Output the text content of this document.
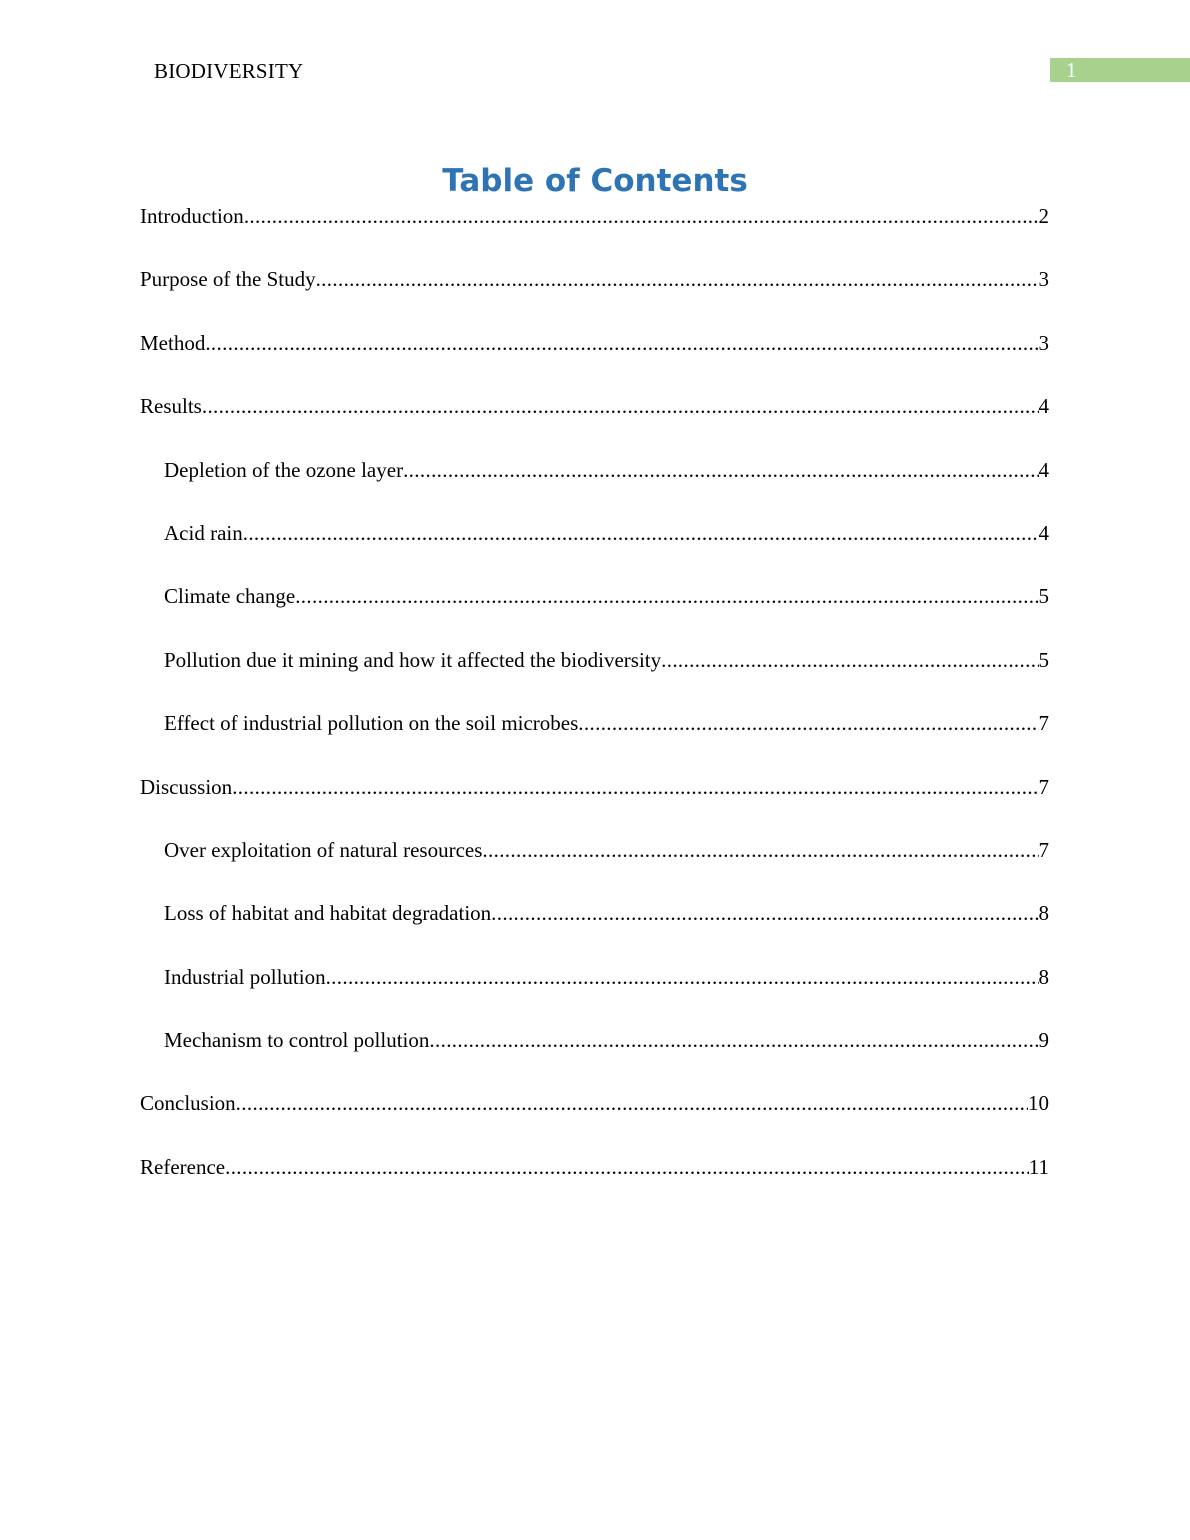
BIODIVERSITY	1
Table of Contents
Introduction .....	2
Purpose of the Study .....	3
Method .....	3
Results .....	4
Depletion of the ozone layer .....	4
Acid rain .....	4
Climate change .....	5
Pollution due it mining and how it affected the biodiversity .....	5
Effect of industrial pollution on the soil microbes .....	7
Discussion .....	7
Over exploitation of natural resources .....	7
Loss of habitat and habitat degradation .....	8
Industrial pollution .....	8
Mechanism to control pollution .....	9
Conclusion .....	10
Reference .....	11
